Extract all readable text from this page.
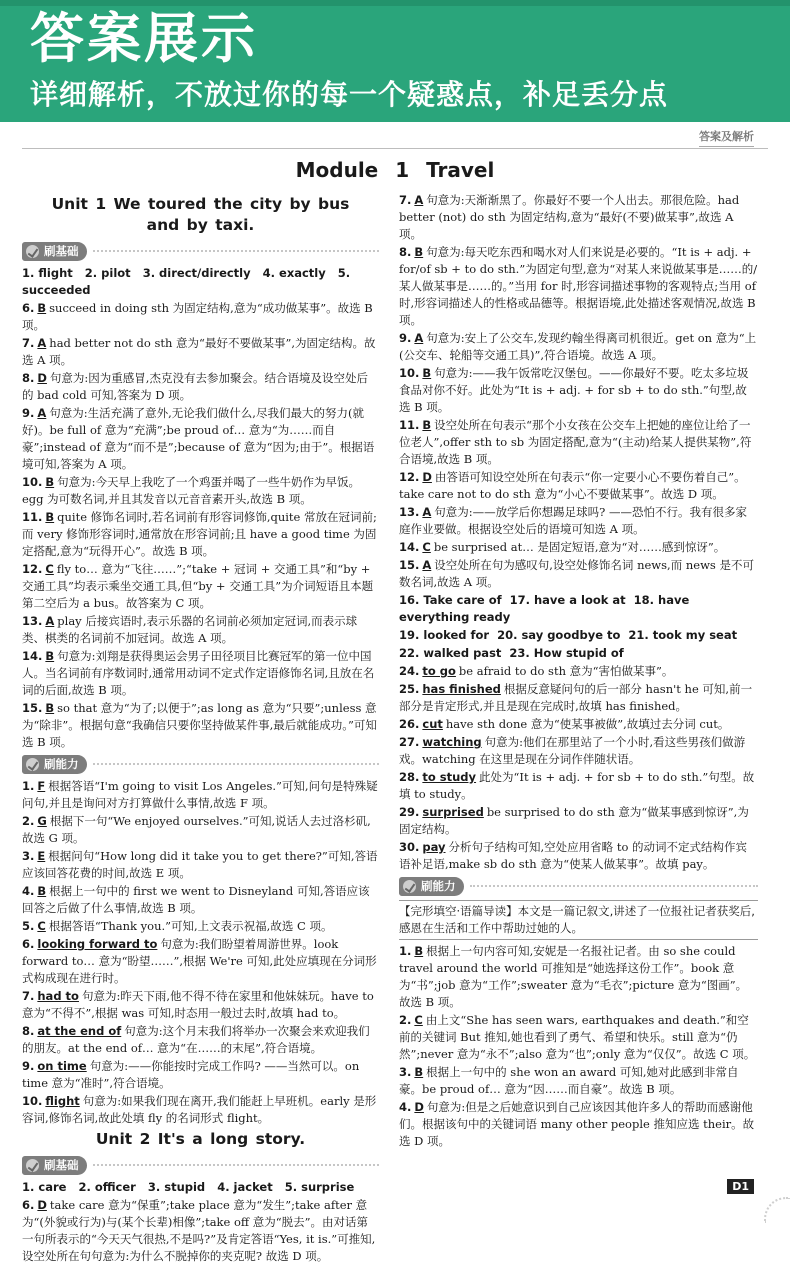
答案展示
详细解析，不放过你的每一个疑惑点，补足丢分点
答案及解析
Module 1 Travel
Unit 1 We toured the city by bus
and by taxi.
刷基础
1. flight 2. pilot 3. direct/directly 4. exactly 5. succeeded
6. B succeed in doing sth 为固定结构,意为“成功做某事”。故选 B 项。
7. A had better not do sth 意为“最好不要做某事”,为固定结构。故选 A 项。
8. D 句意为:因为重感冒,杰克没有去参加聚会。结合语境及设空处后的 bad cold 可知,答案为 D 项。
9. A 句意为:生活充满了意外,无论我们做什么,尽我们最大的努力(就好)。be full of 意为“充满”;be proud of… 意为“为……而自豪”;instead of 意为“而不是”;because of 意为“因为;由于”。根据语境可知,答案为 A 项。
10. B 句意为:今天早上我吃了一个鸡蛋并喝了一些牛奶作为早饭。egg 为可数名词,并且其发音以元音音素开头,故选 B 项。
11. B quite 修饰名词时,若名词前有形容词修饰,quite 常放在冠词前;而 very 修饰形容词时,通常放在形容词前;且 have a good time 为固定搭配,意为“玩得开心”。故选 B 项。
12. C fly to… 意为“飞往……”;“take + 冠词 + 交通工具”和“by + 交通工具”均表示乘坐交通工具,但“by + 交通工具”为介词短语且本题第二空后为 a bus。故答案为 C 项。
13. A play 后接宾语时,表示乐器的名词前必须加定冠词,而表示球类、棋类的名词前不加冠词。故选 A 项。
14. B 句意为:刘翔是获得奥运会男子田径项目比赛冠军的第一位中国人。当名词前有序数词时,通常用动词不定式作定语修饰名词,且放在名词的后面,故选 B 项。
15. B so that 意为“为了;以便于”;as long as 意为“只要”;unless 意为“除非”。根据句意“我确信只要你坚持做某件事,最后就能成功。”可知选 B 项。
刷能力
1. F 根据答语“I'm going to visit Los Angeles.”可知,问句是特殊疑问句,并且是询问对方打算做什么事情,故选 F 项。
2. G 根据下一句“We enjoyed ourselves.”可知,说话人去过洛杉矶,故选 G 项。
3. E 根据问句“How long did it take you to get there?”可知,答语应该回答花费的时间,故选 E 项。
4. B 根据上一句中的 first we went to Disneyland 可知,答语应该回答之后做了什么事情,故选 B 项。
5. C 根据答语“Thank you.”可知,上文表示祝福,故选 C 项。
6. looking forward to 句意为:我们盼望着周游世界。look forward to… 意为“盼望……”,根据 We're 可知,此处应填现在分词形式构成现在进行时。
7. had to 句意为:昨天下雨,他不得不待在家里和他妹妹玩。have to 意为“不得不”,根据 was 可知,时态用一般过去时,故填 had to。
8. at the end of 句意为:这个月末我们将举办一次聚会来欢迎我们的朋友。at the end of… 意为“在……的末尾”,符合语境。
9. on time 句意为:——你能按时完成工作吗? ——当然可以。on time 意为“准时”,符合语境。
10. flight 句意为:如果我们现在离开,我们能赶上早班机。early 是形容词,修饰名词,故此处填 fly 的名词形式 flight。
Unit 2 It's a long story.
刷基础
1. care 2. officer 3. stupid 4. jacket 5. surprise
6. D take care 意为“保重”;take place 意为“发生”;take after 意为“(外貌或行为)与(某个长辈)相像”;take off 意为“脱去”。由对话第一句所表示的“今天天气很热,不是吗?”及肯定答语“Yes, it is.”可推知,设空处所在句句意为:为什么不脱掉你的夹克呢? 故选 D 项。
7. A 句意为:天渐渐黑了。你最好不要一个人出去。那很危险。had better (not) do sth 为固定结构,意为“最好(不要)做某事”,故选 A 项。
8. B 句意为:每天吃东西和喝水对人们来说是必要的。“It is + adj. + for/of sb + to do sth.”为固定句型,意为“对某人来说做某事是……的/某人做某事是……的。”当用 for 时,形容词描述事物的客观特点;当用 of 时,形容词描述人的性格或品德等。根据语境,此处描述客观情况,故选 B 项。
9. A 句意为:安上了公交车,发现约翰坐得离司机很近。get on 意为“上(公交车、轮船等交通工具)”,符合语境。故选 A 项。
10. B 句意为:——我午饭常吃汉堡包。——你最好不要。吃太多垃圾食品对你不好。此处为“It is + adj. + for sb + to do sth.”句型,故选 B 项。
11. B 设空处所在句表示“那个小女孩在公交车上把她的座位让给了一位老人”,offer sth to sb 为固定搭配,意为“(主动)给某人提供某物”,符合语境,故选 B 项。
12. D 由答语可知设空处所在句表示“你一定要小心不要伤着自己”。take care not to do sth 意为“小心不要做某事”。故选 D 项。
13. A 句意为:——放学后你想踢足球吗? ——恐怕不行。我有很多家庭作业要做。根据设空处后的语境可知选 A 项。
14. C be surprised at… 是固定短语,意为“对……感到惊讶”。
15. A 设空处所在句为感叹句,设空处修饰名词 news,而 news 是不可数名词,故选 A 项。
16. Take care of 17. have a look at 18. have everything ready
19. looked for 20. say goodbye to 21. took my seat
22. walked past 23. How stupid of
24. to go be afraid to do sth 意为“害怕做某事”。
25. has finished 根据反意疑问句的后一部分 hasn't he 可知,前一部分是肯定形式,并且是现在完成时,故填 has finished。
26. cut have sth done 意为“使某事被做”,故填过去分词 cut。
27. watching 句意为:他们在那里站了一个小时,看这些男孩们做游戏。watching 在这里是现在分词作伴随状语。
28. to study 此处为“It is + adj. + for sb + to do sth.”句型。故填 to study。
29. surprised be surprised to do sth 意为“做某事感到惊讶”,为固定结构。
30. pay 分析句子结构可知,空处应用省略 to 的动词不定式结构作宾语补足语,make sb do sth 意为“使某人做某事”。故填 pay。
刷能力
【完形填空·语篇导读】本文是一篇记叙文,讲述了一位报社记者获奖后,感恩在生活和工作中帮助过她的人。
1. B 根据上一句内容可知,安妮是一名报社记者。由 so she could travel around the world 可推知是“她选择这份工作”。book 意为“书”;job 意为“工作”;sweater 意为“毛衣”;picture 意为“图画”。故选 B 项。
2. C 由上文“She has seen wars, earthquakes and death.”和空前的关键词 But 推知,她也看到了勇气、希望和快乐。still 意为“仍然”;never 意为“永不”;also 意为“也”;only 意为“仅仅”。故选 C 项。
3. B 根据上一句中的 she won an award 可知,她对此感到非常自豪。be proud of… 意为“因……而自豪”。故选 B 项。
4. D 句意为:但是之后她意识到自己应该因其他许多人的帮助而感谢他们。根据该句中的关键词语 many other people 推知应选 their。故选 D 项。
D1
